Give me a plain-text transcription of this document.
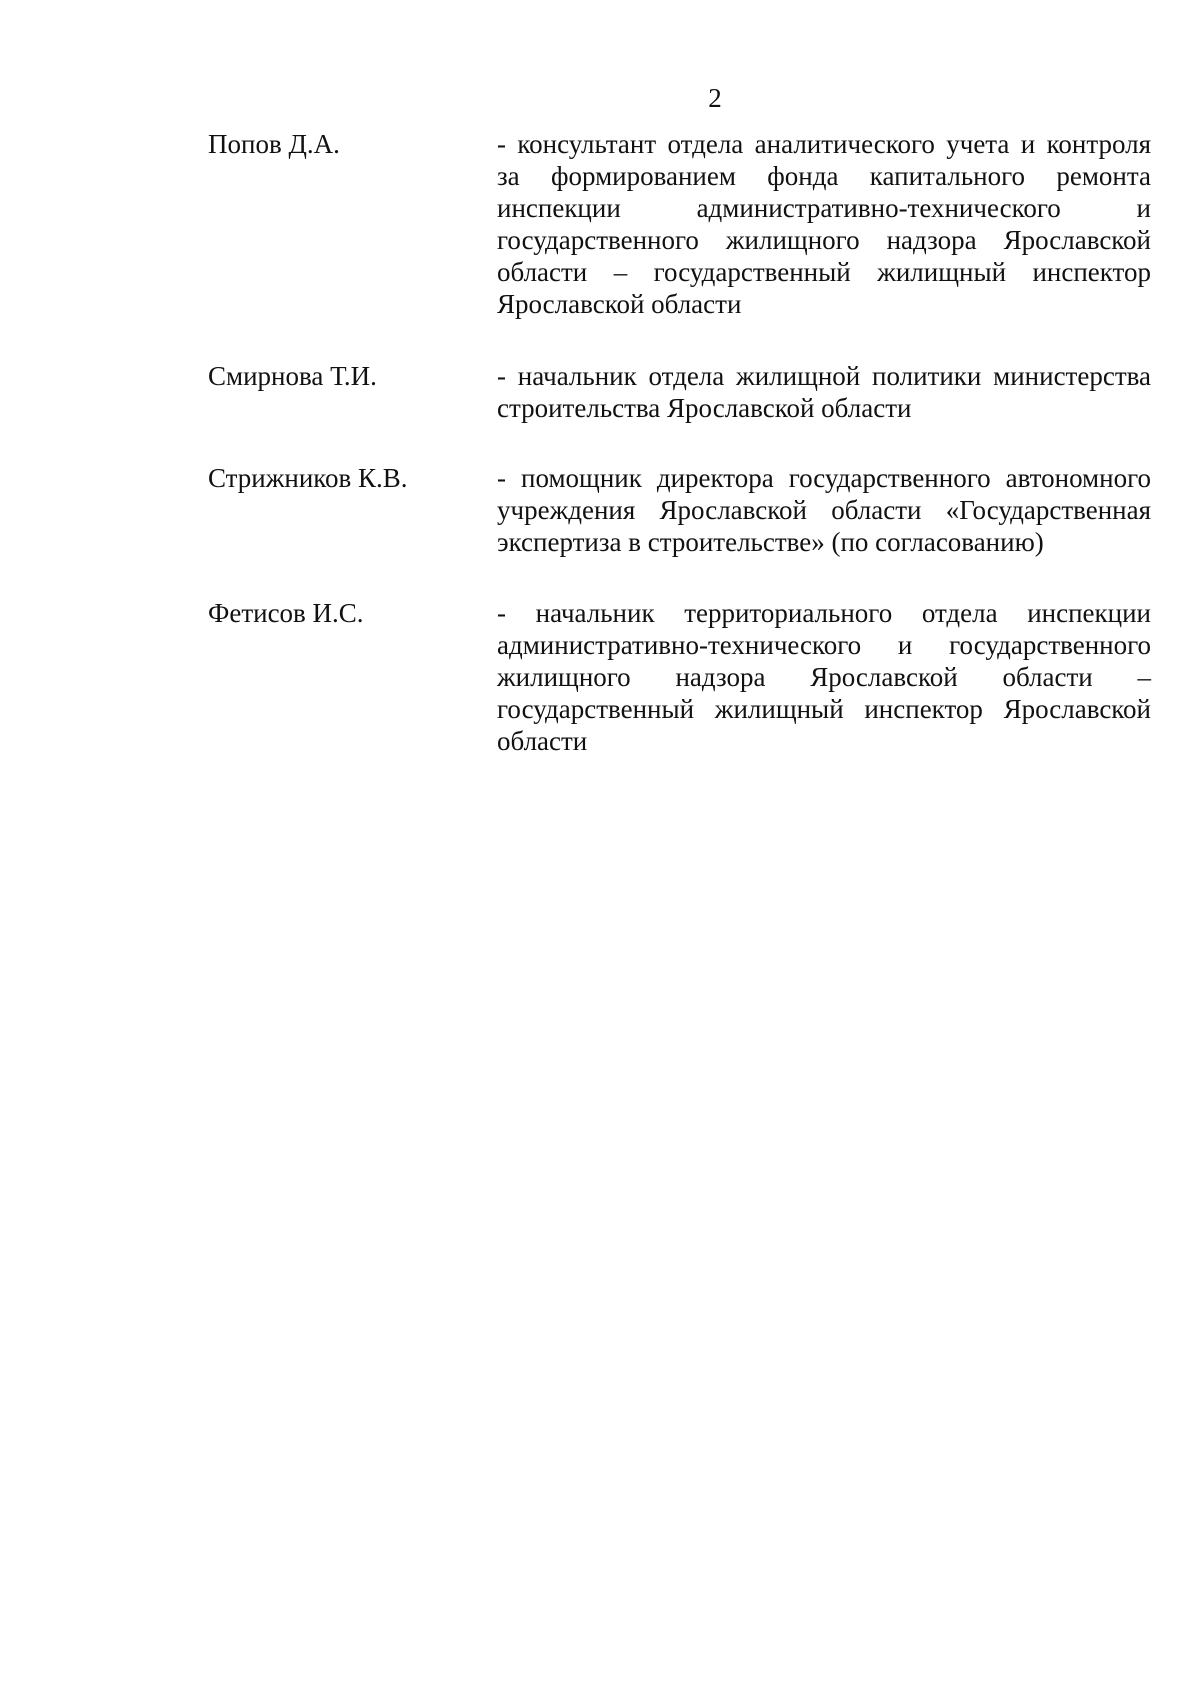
2
Попов Д.А.	- консультант отдела аналитического учета и контроля
за формированием фонда капитального ремонта
инспекции административно-технического и
государственного жилищного надзора Ярославской
области – государственный жилищный инспектор
Ярославской области
Смирнова Т.И.	- начальник отдела жилищной политики министерства
строительства Ярославской области
Стрижников К.В.	- помощник директора государственного автономного
учреждения Ярославской области «Государственная
экспертиза в строительстве» (по согласованию)
Фетисов И.С.	- начальник территориального отдела инспекции
административно-технического и государственного
жилищного надзора Ярославской области –
государственный жилищный инспектор Ярославской
области
